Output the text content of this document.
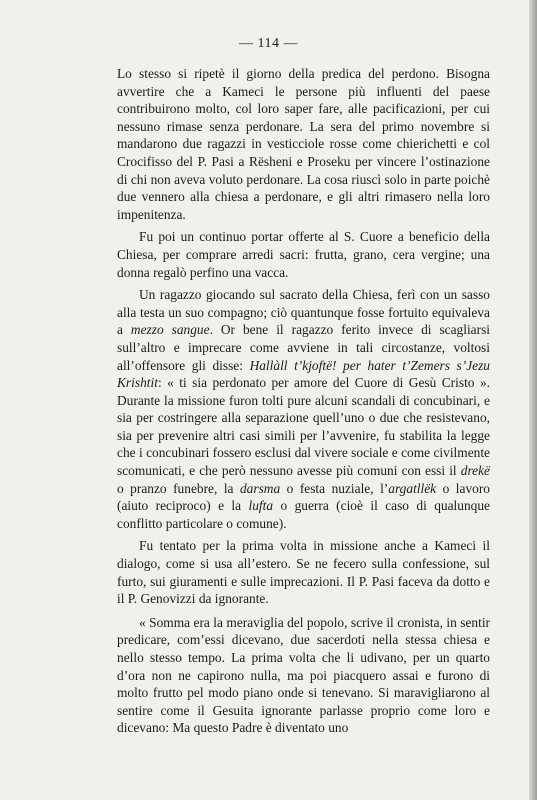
— 114 —

Lo stesso si ripetè il giorno della predica del perdono. Bisogna avvertire che a Kameci le persone più influenti del paese contribuirono molto, col loro saper fare, alle pacificazioni, per cui nessuno rimase senza perdonare. La sera del primo novembre si mandarono due ragazzi in vesticciole rosse come chierichetti e col Crocifisso del P. Pasi a Rësheni e Proseku per vincere l’ostinazione di chi non aveva voluto perdonare. La cosa riuscì solo in parte poichè due vennero alla chiesa a perdonare, e gli altri rimasero nella loro impenitenza.

Fu poi un continuo portar offerte al S. Cuore a beneficio della Chiesa, per comprare arredi sacri: frutta, grano, cera vergine; una donna regalò perfino una vacca.

Un ragazzo giocando sul sacrato della Chiesa, ferì con un sasso alla testa un suo compagno; ciò quantunque fosse fortuito equivaleva a mezzo sangue. Or bene il ragazzo ferito invece di scagliarsi sull’altro e imprecare come avviene in tali circostanze, voltosi all’offensore gli disse: Hallàll t’kjoftë! per hater t’Zemers s’Jezu Krishtit: « ti sia perdonato per amore del Cuore di Gesù Cristo ». Durante la missione furon tolti pure alcuni scandali di concubinari, e sia per costringere alla separazione quell’uno o due che resistevano, sia per prevenire altri casi simili per l’avvenire, fu stabilita la legge che i concubinari fossero esclusi dal vivere sociale e come civilmente scomunicati, e che però nessuno avesse più comuni con essi il drekë o pranzo funebre, la darsma o festa nuziale, l’argatllëk o lavoro (aiuto reciproco) e la lufta o guerra (cioè il caso di qualunque conflitto particolare o comune).

Fu tentato per la prima volta in missione anche a Kameci il dialogo, come si usa all’estero. Se ne fecero sulla confessione, sul furto, sui giuramenti e sulle imprecazioni. Il P. Pasi faceva da dotto e il P. Genovizzi da ignorante.

« Somma era la meraviglia del popolo, scrive il cronista, in sentir predicare, com’essi dicevano, due sacerdoti nella stessa chiesa e nello stesso tempo. La prima volta che li udivano, per un quarto d’ora non ne capirono nulla, ma poi piacquero assai e furono di molto frutto pel modo piano onde si tenevano. Si maravigliarono al sentire come il Gesuita ignorante parlasse proprio come loro e dicevano: Ma questo Padre è diventato uno
